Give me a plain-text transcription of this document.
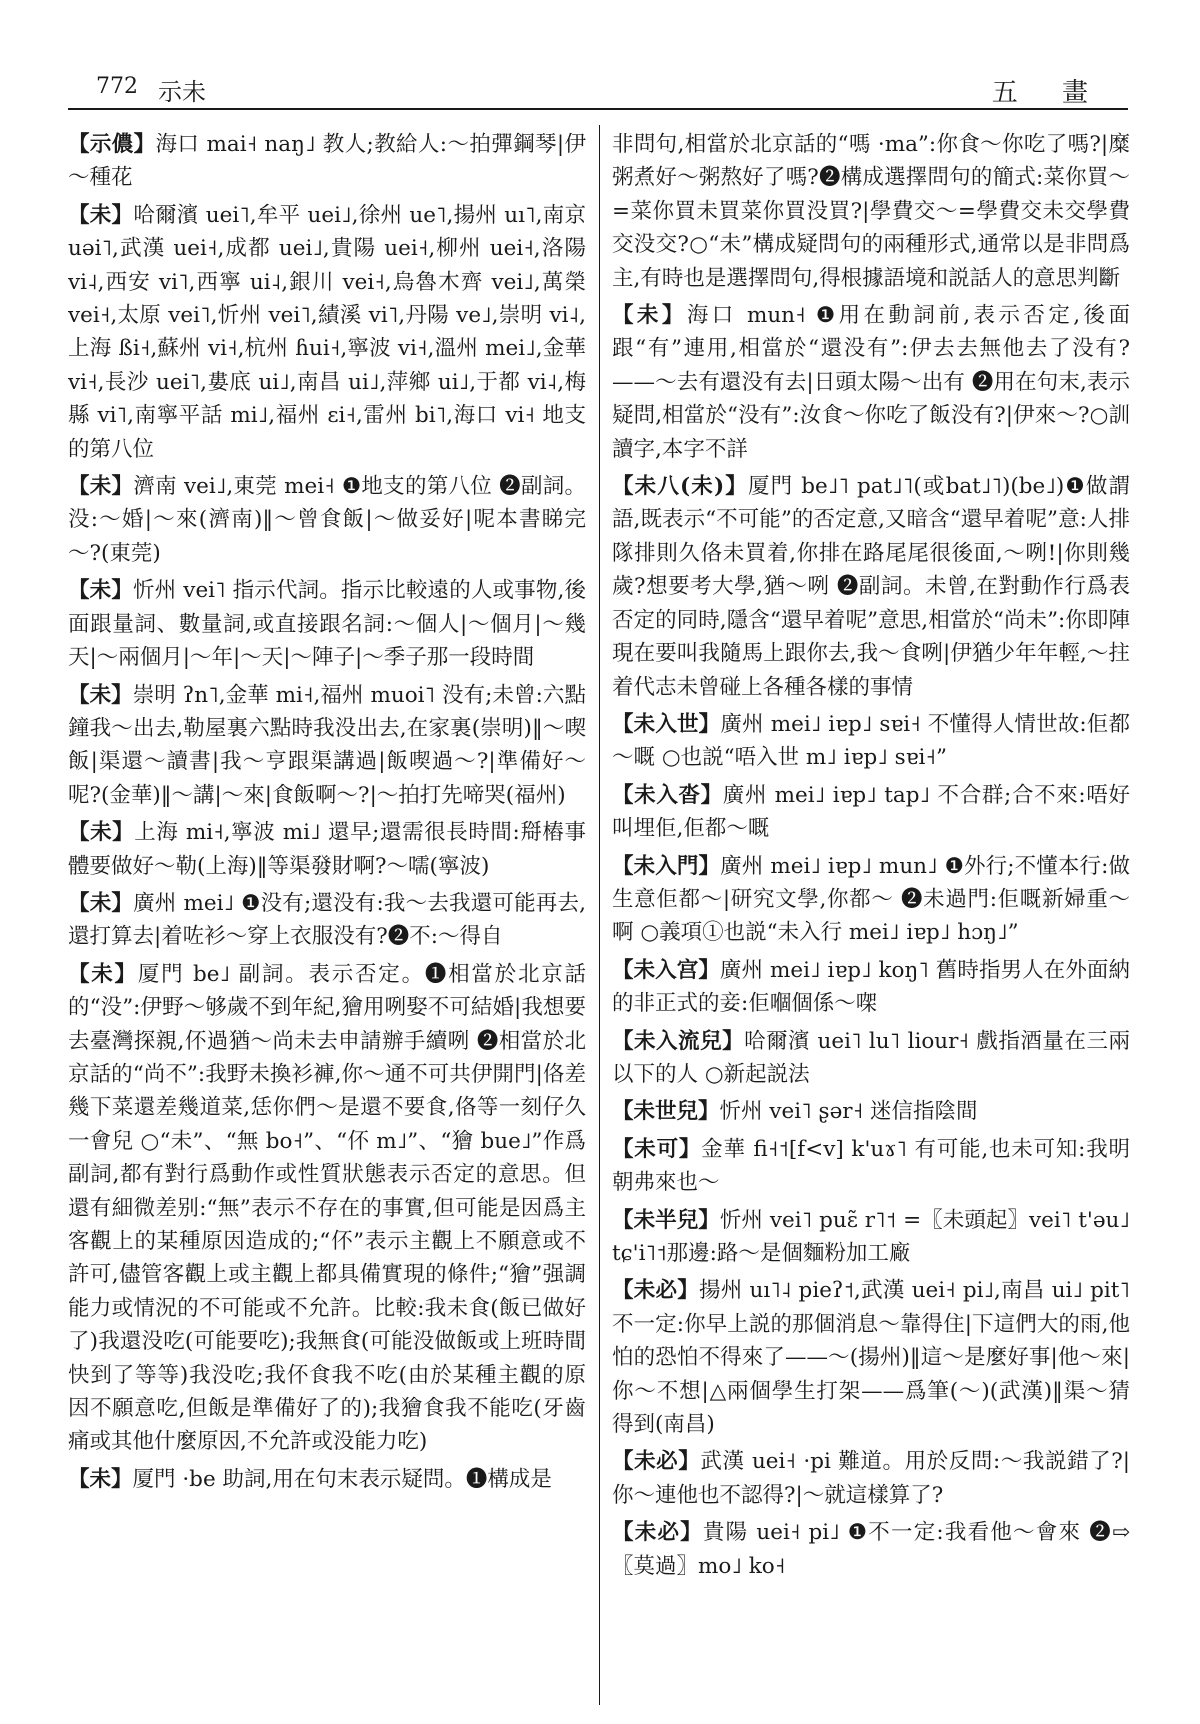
772 示未	五 畫
【示儂】海口 mai˧ naŋ˩ 教人;教給人:～拍彈鋼琴|伊～種花
【未】哈爾濱 uei˥,牟平 uei˩,徐州 ue˥,揚州 uı˥,南京 uəi˥,武漢 uei˧,成都 uei˩,貴陽 uei˧,柳州 uei˧,洛陽 vi˨,西安 vi˥,西寧 ui˨,銀川 vei˧,烏魯木齊 vei˩,萬榮 vei˧,太原 vei˥,忻州 vei˥,績溪 vi˥,丹陽 ve˩,崇明 vi˨,上海 ßi˧,蘇州 vi˧,杭州 ɦui˧,寧波 vi˧,溫州 mei˩,金華 vi˧,長沙 uei˥,婁底 ui˩,南昌 ui˩,萍鄉 ui˩,于都 vi˨,梅縣 vi˥,南寧平話 mi˩,福州 ɛi˧,雷州 bi˥,海口 vi˧ 地支的第八位
【未】濟南 vei˩,東莞 mei˧ ❶地支的第八位 ❷副詞。没:～婚|～來(濟南)‖～曾食飯|～做妥好|呢本書睇完～?(東莞)
【未】忻州 vei˥ 指示代詞。指示比較遠的人或事物,後面跟量詞、數量詞,或直接跟名詞:～個人|～個月|～幾天|～兩個月|～年|～天|～陣子|～季子那一段時間
【未】崇明 ʔn˥,金華 mi˧,福州 muoi˥ 没有;未曾:六點鐘我～出去,勒屋裏六點時我没出去,在家裏(崇明)‖～喫飯|渠還～讀書|我～亨跟渠講過|飯喫過～?|準備好～呢?(金華)‖～講|～來|食飯啊～?|～拍打先啼哭(福州)
【未】上海 mi˧,寧波 mi˩ 還早;還需很長時間:搿樁事體要做好～勒(上海)‖等渠發財啊?～嚅(寧波)
【未】廣州 mei˩ ❶没有;還没有:我～去我還可能再去,還打算去|着咗衫～穿上衣服没有?❷不:～得自
【未】厦門 be˩ 副詞。表示否定。❶相當於北京話的“没”:伊野～够歲不到年紀,獪用咧娶不可結婚|我想要去臺灣探親,伓過猶～尚未去申請辦手續咧 ❷相當於北京話的“尚不”:我野未換衫褲,你～通不可共伊開門|佫差幾下菜還差幾道菜,恁你們～是還不要食,佫等一刻仔久一會兒 ○“未”、“無 bo˧”、“伓 m˩”、“獪 bue˩”作爲副詞,都有對行爲動作或性質狀態表示否定的意思。但還有細微差别:“無”表示不存在的事實,但可能是因爲主客觀上的某種原因造成的;“伓”表示主觀上不願意或不許可,儘管客觀上或主觀上都具備實現的條件;“獪”强調能力或情況的不可能或不允許。比較:我未食(飯已做好了)我還没吃(可能要吃);我無食(可能没做飯或上班時間快到了等等)我没吃;我伓食我不吃(由於某種主觀的原因不願意吃,但飯是準備好了的);我獪食我不能吃(牙齒痛或其他什麼原因,不允許或没能力吃)
【未】厦門 ·be 助詞,用在句末表示疑問。❶構成是
非問句,相當於北京話的“嗎 ·ma”:你食～你吃了嗎?|糜粥煮好～粥熬好了嗎?❷構成選擇問句的簡式:菜你買～=菜你買未買菜你買没買?|學費交～=學費交未交學費交没交?○“未”構成疑問句的兩種形式,通常以是非問爲主,有時也是選擇問句,得根據語境和説話人的意思判斷
【未】海口 mun˧ ❶用在動詞前,表示否定,後面跟“有”連用,相當於“還没有”:伊去去無他去了没有?——～去有還没有去|日頭太陽～出有 ❷用在句末,表示疑問,相當於“没有”:汝食～你吃了飯没有?|伊來～?○訓讀字,本字不詳
【未八(未)】厦門 be˩˥ pat˩˥(或bat˩˥)(be˩)❶做謂語,既表示“不可能”的否定意,又暗含“還早着呢”意:人排隊排則久佫未買着,你排在路尾尾很後面,～咧!|你則幾歲?想要考大學,猶～咧 ❷副詞。未曾,在對動作行爲表否定的同時,隱含“還早着呢”意思,相當於“尚未”:你即陣現在要叫我隨馬上跟你去,我～食咧|伊猶少年年輕,～拄着代志未曾碰上各種各樣的事情
【未入世】廣州 mei˩ iɐp˩ sɐi˧ 不懂得人情世故:佢都～嘅 ○也説“唔入世 m˩ iɐp˩ sɐi˧”
【未入沓】廣州 mei˩ iɐp˩ tap˩ 不合群;合不來:唔好叫埋佢,佢都～嘅
【未入門】廣州 mei˩ iɐp˩ mun˩ ❶外行;不懂本行:做生意佢都～|研究文學,你都～ ❷未過門:佢嘅新婦重～啊 ○義項①也説“未入行 mei˩ iɐp˩ hɔŋ˩”
【未入宫】廣州 mei˩ iɐp˩ koŋ˥ 舊時指男人在外面納的非正式的妾:佢嗰個係～㗎
【未入流兒】哈爾濱 uei˥ lu˥ liour˧ 戲指酒量在三兩以下的人 ○新起説法
【未世兒】忻州 vei˥ ʂər˧ 迷信指陰間
【未可】金華 fi˧˦[f<v] k'uɤ˥ 有可能,也未可知:我明朝弗來也～
【未半兒】忻州 vei˥ puɛ̃ r˥˦ =〖未頭起〗vei˥ t'əu˩ tɕ'i˥˦那邊:路～是個麵粉加工廠
【未必】揚州 uı˥˨ pieʔ˦,武漢 uei˧ pi˩,南昌 ui˩ pit˥ 不一定:你早上説的那個消息～靠得住|下這們大的雨,他怕的恐怕不得來了——～(揚州)‖這～是麼好事|他～來|你～不想|△兩個學生打架——爲筆(～)(武漢)‖渠～猜得到(南昌)
【未必】武漢 uei˧ ·pi 難道。用於反問:～我説錯了?|你～連他也不認得?|～就這樣算了?
【未必】貴陽 uei˧ pi˩ ❶不一定:我看他～會來 ❷⇨〖莫過〗mo˩ ko˧
